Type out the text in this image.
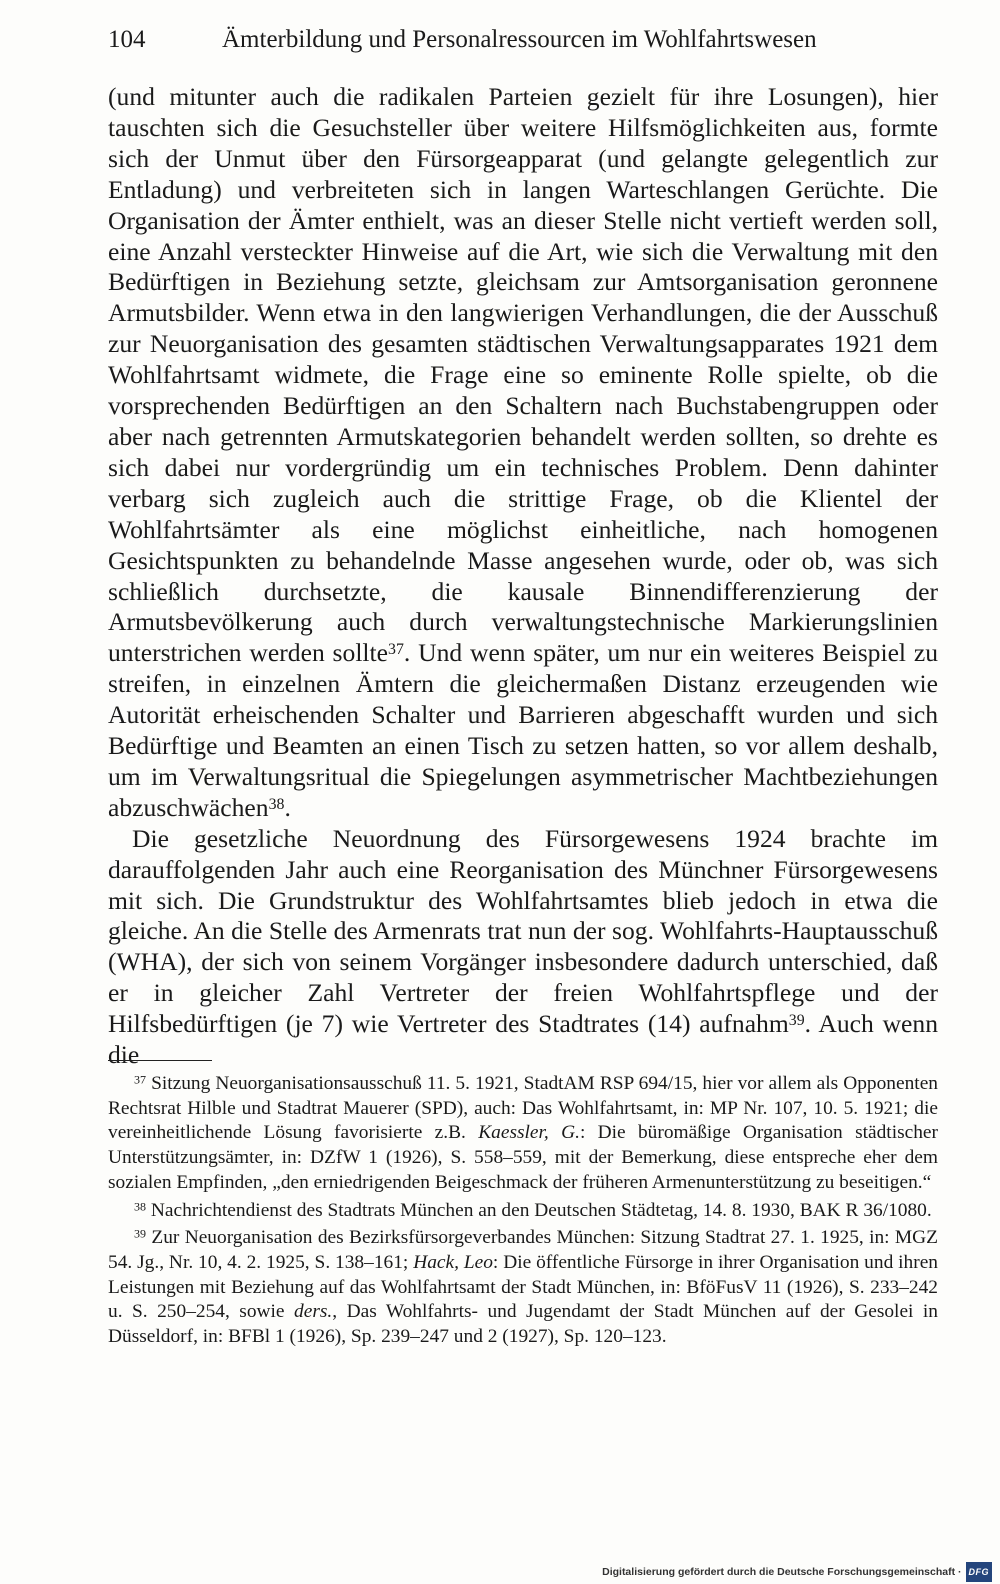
104	Ämterbildung und Personalressourcen im Wohlfahrtswesen

(und mitunter auch die radikalen Parteien gezielt für ihre Losungen), hier tauschten sich die Gesuchsteller über weitere Hilfsmöglichkeiten aus, formte sich der Unmut über den Fürsorgeapparat (und gelangte gelegentlich zur Entladung) und verbreiteten sich in langen Warteschlangen Gerüchte. Die Organisation der Ämter enthielt, was an dieser Stelle nicht vertieft werden soll, eine Anzahl versteckter Hinweise auf die Art, wie sich die Verwaltung mit den Bedürftigen in Beziehung setzte, gleichsam zur Amtsorganisation geronnene Armutsbilder. Wenn etwa in den langwierigen Verhandlungen, die der Ausschuß zur Neuorganisation des gesamten städtischen Verwaltungsapparates 1921 dem Wohlfahrtsamt widmete, die Frage eine so eminente Rolle spielte, ob die vorsprechenden Bedürftigen an den Schaltern nach Buchstabengruppen oder aber nach getrennten Armutskategorien behandelt werden sollten, so drehte es sich dabei nur vordergründig um ein technisches Problem. Denn dahinter verbarg sich zugleich auch die strittige Frage, ob die Klientel der Wohlfahrtsämter als eine möglichst einheitliche, nach homogenen Gesichtspunkten zu behandelnde Masse angesehen wurde, oder ob, was sich schließlich durchsetzte, die kausale Binnendifferenzierung der Armutsbevölkerung auch durch verwaltungstechnische Markierungslinien unterstrichen werden sollte$^{37}$. Und wenn später, um nur ein weiteres Beispiel zu streifen, in einzelnen Ämtern die gleichermaßen Distanz erzeugenden wie Autorität erheischenden Schalter und Barrieren abgeschafft wurden und sich Bedürftige und Beamten an einen Tisch zu setzen hatten, so vor allem deshalb, um im Verwaltungsritual die Spiegelungen asymmetrischer Machtbeziehungen abzuschwächen$^{38}$.

Die gesetzliche Neuordnung des Fürsorgewesens 1924 brachte im darauffolgenden Jahr auch eine Reorganisation des Münchner Fürsorgewesens mit sich. Die Grundstruktur des Wohlfahrtsamtes blieb jedoch in etwa die gleiche. An die Stelle des Armenrats trat nun der sog. Wohlfahrts-Hauptausschuß (WHA), der sich von seinem Vorgänger insbesondere dadurch unterschied, daß er in gleicher Zahl Vertreter der freien Wohlfahrtspflege und der Hilfsbedürftigen (je 7) wie Vertreter des Stadtrates (14) aufnahm$^{39}$. Auch wenn die

$^{37}$ Sitzung Neuorganisationsausschuß 11. 5. 1921, StadtAM RSP 694/15, hier vor allem als Opponenten Rechtsrat Hilble und Stadtrat Mauerer (SPD), auch: Das Wohlfahrtsamt, in: MP Nr. 107, 10. 5. 1921; die vereinheitlichende Lösung favorisierte z.B. Kaessler, G.: Die büromäßige Organisation städtischer Unterstützungsämter, in: DZfW 1 (1926), S. 558–559, mit der Bemerkung, diese entspreche eher dem sozialen Empfinden, „den erniedrigenden Beigeschmack der früheren Armenunterstützung zu beseitigen.“

$^{38}$ Nachrichtendienst des Stadtrats München an den Deutschen Städtetag, 14. 8. 1930, BAK R 36/1080.

$^{39}$ Zur Neuorganisation des Bezirksfürsorgeverbandes München: Sitzung Stadtrat 27. 1. 1925, in: MGZ 54. Jg., Nr. 10, 4. 2. 1925, S. 138–161; Hack, Leo: Die öffentliche Fürsorge in ihrer Organisation und ihren Leistungen mit Beziehung auf das Wohlfahrtsamt der Stadt München, in: BföFusV 11 (1926), S. 233–242 u. S. 250–254, sowie ders., Das Wohlfahrts- und Jugendamt der Stadt München auf der Gesolei in Düsseldorf, in: BFBl 1 (1926), Sp. 239–247 und 2 (1927), Sp. 120–123.

Digitalisierung gefördert durch die Deutsche Forschungsgemeinschaft · DFG
